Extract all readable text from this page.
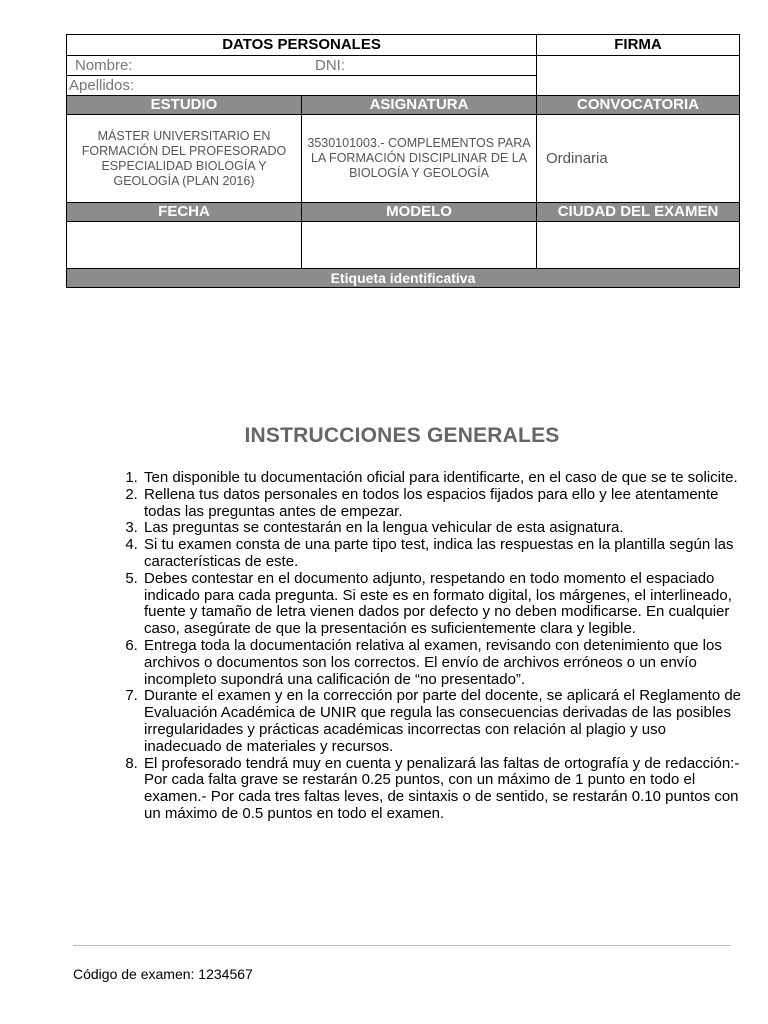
DATOS PERSONALES		FIRMA
Nombre: DNI:		
Apellidos:		
ESTUDIO	ASIGNATURA	CONVOCATORIA

MÁSTER UNIVERSITARIO EN FORMACIÓN DEL PROFESORADO ESPECIALIDAD BIOLOGÍA Y GEOLOGÍA (PLAN 2016)	3530101003.- COMPLEMENTOS PARA LA FORMACIÓN DISCIPLINAR DE LA BIOLOGÍA Y GEOLOGÍA	Ordinaria
FECHA	MODELO	CIUDAD DEL EXAMEN

Etiqueta identificativa		
INSTRUCCIONES GENERALES
1. Ten disponible tu documentación oficial para identificarte, en el caso de que se te solicite.
2. Rellena tus datos personales en todos los espacios fijados para ello y lee atentamente todas las preguntas antes de empezar.
3. Las preguntas se contestarán en la lengua vehicular de esta asignatura.
4. Si tu examen consta de una parte tipo test, indica las respuestas en la plantilla según las características de este.
5. Debes contestar en el documento adjunto, respetando en todo momento el espaciado indicado para cada pregunta. Si este es en formato digital, los márgenes, el interlineado, fuente y tamaño de letra vienen dados por defecto y no deben modificarse. En cualquier caso, asegúrate de que la presentación es suficientemente clara y legible.
6. Entrega toda la documentación relativa al examen, revisando con detenimiento que los archivos o documentos son los correctos. El envío de archivos erróneos o un envío incompleto supondrá una calificación de “no presentado”.
7. Durante el examen y en la corrección por parte del docente, se aplicará el Reglamento de Evaluación Académica de UNIR que regula las consecuencias derivadas de las posibles irregularidades y prácticas académicas incorrectas con relación al plagio y uso inadecuado de materiales y recursos.
8. El profesorado tendrá muy en cuenta y penalizará las faltas de ortografía y de redacción:- Por cada falta grave se restarán 0.25 puntos, con un máximo de 1 punto en todo el examen.- Por cada tres faltas leves, de sintaxis o de sentido, se restarán 0.10 puntos con un máximo de 0.5 puntos en todo el examen.
Código de examen: 1234567
